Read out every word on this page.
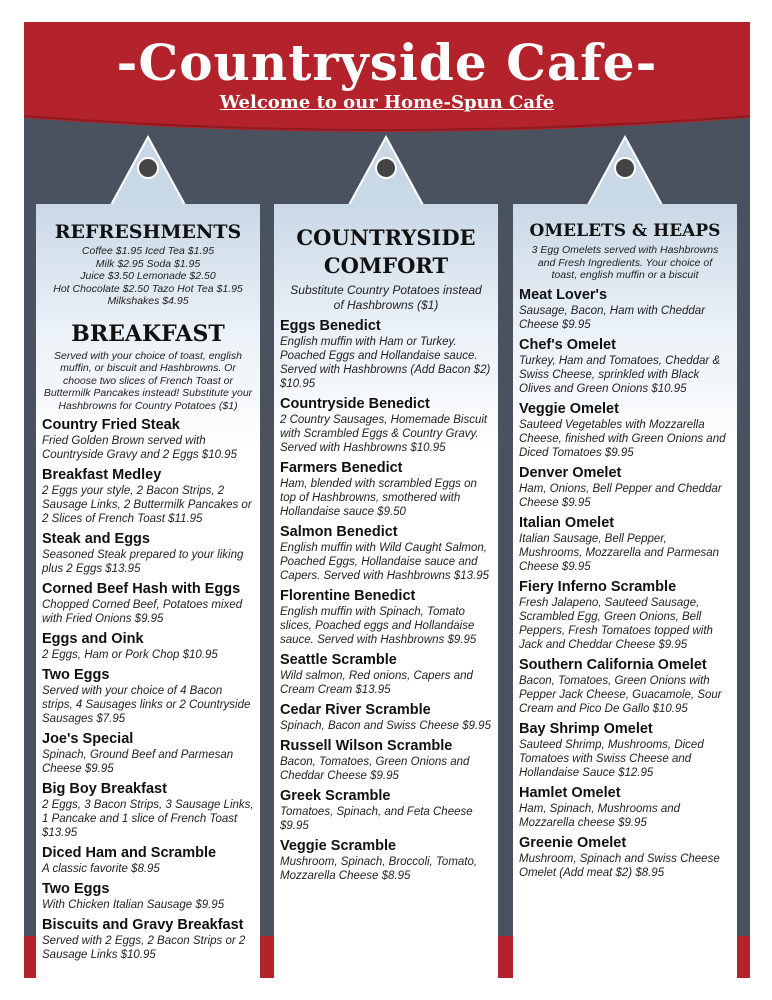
-Countryside Cafe-
Welcome to our Home-Spun Cafe
REFRESHMENTS
Coffee $1.95 Iced Tea $1.95
Milk $2.95 Soda $1.95
Juice $3.50 Lemonade $2.50
Hot Chocolate $2.50 Tazo Hot Tea $1.95
Milkshakes $4.95
BREAKFAST
Served with your choice of toast, english muffin, or biscuit and Hashbrowns. Or choose two slices of French Toast or Buttermilk Pancakes instead! Substitute your Hashbrowns for Country Potatoes ($1)
Country Fried Steak
Fried Golden Brown served with Countryside Gravy and 2 Eggs $10.95
Breakfast Medley
2 Eggs your style, 2 Bacon Strips, 2 Sausage Links, 2 Buttermilk Pancakes or 2 Slices of French Toast $11.95
Steak and Eggs
Seasoned Steak prepared to your liking plus 2 Eggs $13.95
Corned Beef Hash with Eggs
Chopped Corned Beef, Potatoes mixed with Fried Onions $9.95
Eggs and Oink
2 Eggs, Ham or Pork Chop $10.95
Two Eggs
Served with your choice of 4 Bacon strips, 4 Sausages links or 2 Countryside Sausages $7.95
Joe's Special
Spinach, Ground Beef and Parmesan Cheese $9.95
Big Boy Breakfast
2 Eggs, 3 Bacon Strips, 3 Sausage Links, 1 Pancake and 1 slice of French Toast $13.95
Diced Ham and Scramble
A classic favorite $8.95
Two Eggs
With Chicken Italian Sausage $9.95
Biscuits and Gravy Breakfast
Served with 2 Eggs, 2 Bacon Strips or 2 Sausage Links $10.95
COUNTRYSIDE
COMFORT
Substitute Country Potatoes instead of Hashbrowns ($1)
Eggs Benedict
English muffin with Ham or Turkey. Poached Eggs and Hollandaise sauce. Served with Hashbrowns (Add Bacon $2) $10.95
Countryside Benedict
2 Country Sausages, Homemade Biscuit with Scrambled Eggs & Country Gravy. Served with Hashbrowns $10.95
Farmers Benedict
Ham, blended with scrambled Eggs on top of Hashbrowns, smothered with Hollandaise sauce $9.50
Salmon Benedict
English muffin with Wild Caught Salmon, Poached Eggs, Hollandaise sauce and Capers. Served with Hashbrowns $13.95
Florentine Benedict
English muffin with Spinach, Tomato slices, Poached eggs and Hollandaise sauce. Served with Hashbrowns $9.95
Seattle Scramble
Wild salmon, Red onions, Capers and Cream Cream $13.95
Cedar River Scramble
Spinach, Bacon and Swiss Cheese $9.95
Russell Wilson Scramble
Bacon, Tomatoes, Green Onions and Cheddar Cheese $9.95
Greek Scramble
Tomatoes, Spinach, and Feta Cheese $9.95
Veggie Scramble
Mushroom, Spinach, Broccoli, Tomato, Mozzarella Cheese $8.95
OMELETS & HEAPS
3 Egg Omelets served with Hashbrowns and Fresh Ingredients. Your choice of toast, english muffin or a biscuit
Meat Lover's
Sausage, Bacon, Ham with Cheddar Cheese $9.95
Chef's Omelet
Turkey, Ham and Tomatoes, Cheddar & Swiss Cheese, sprinkled with Black Olives and Green Onions $10.95
Veggie Omelet
Sauteed Vegetables with Mozzarella Cheese, finished with Green Onions and Diced Tomatoes $9.95
Denver Omelet
Ham, Onions, Bell Pepper and Cheddar Cheese $9.95
Italian Omelet
Italian Sausage, Bell Pepper, Mushrooms, Mozzarella and Parmesan Cheese $9.95
Fiery Inferno Scramble
Fresh Jalapeno, Sauteed Sausage, Scrambled Egg, Green Onions, Bell Peppers, Fresh Tomatoes topped with Jack and Cheddar Cheese $9.95
Southern California Omelet
Bacon, Tomatoes, Green Onions with Pepper Jack Cheese, Guacamole, Sour Cream and Pico De Gallo $10.95
Bay Shrimp Omelet
Sauteed Shrimp, Mushrooms, Diced Tomatoes with Swiss Cheese and Hollandaise Sauce $12.95
Hamlet Omelet
Ham, Spinach, Mushrooms and Mozzarella cheese $9.95
Greenie Omelet
Mushroom, Spinach and Swiss Cheese Omelet (Add meat $2) $8.95
